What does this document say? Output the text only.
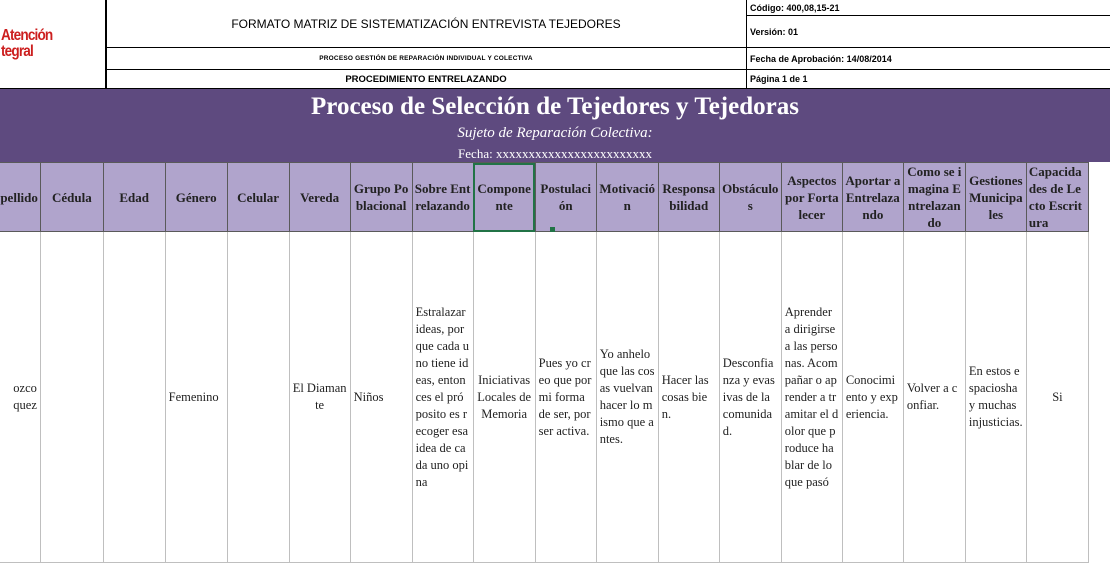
Atención
tegral
FORMATO MATRIZ DE SISTEMATIZACIÓN ENTREVISTA TEJEDORES
PROCESO GESTIÓN DE REPARACIÓN INDIVIDUAL Y COLECTIVA
PROCEDIMIENTO ENTRELAZANDO
Código: 400,08,15-21
Versión: 01
Fecha de Aprobación: 14/08/2014
Página 1 de 1
Proceso de Selección de Tejedores y Tejedoras
Sujeto de Reparación Colectiva:
Fecha: xxxxxxxxxxxxxxxxxxxxxxxx
pellido	Cédula	Edad	Género	Celular	Vereda	Grupo Poblacional	Sobre Entrelazando	Componente	Postulación	Motivación	Responsabilidad	Obstáculos	Aspectos por Fortalecer	Aportar a Entrelazando	Como se imagina Entrelazando	Gestiones Municipales	Capacidades de Lecto Escritura
ozco
quez			Femenino		El Diamante	Niños	Estralazar ideas, porque cada uno tiene ideas, entonces el próposito es recoger esa idea de cada uno opina	Iniciativas Locales de Memoria	Pues yo creo que por mi forma de ser, por ser activa.	Yo anhelo que las cosas vuelvan hacer lo mismo que antes.	Hacer las cosas bien.	Desconfianza y evasivas de la comunidad.	Aprender a dirigirse a las personas. Acompañar o aprender a tramitar el dolor que produce hablar de lo que pasó	Conocimiento y experiencia.	Volver a confiar.	En estos espacioshay muchas injusticias.	Si
